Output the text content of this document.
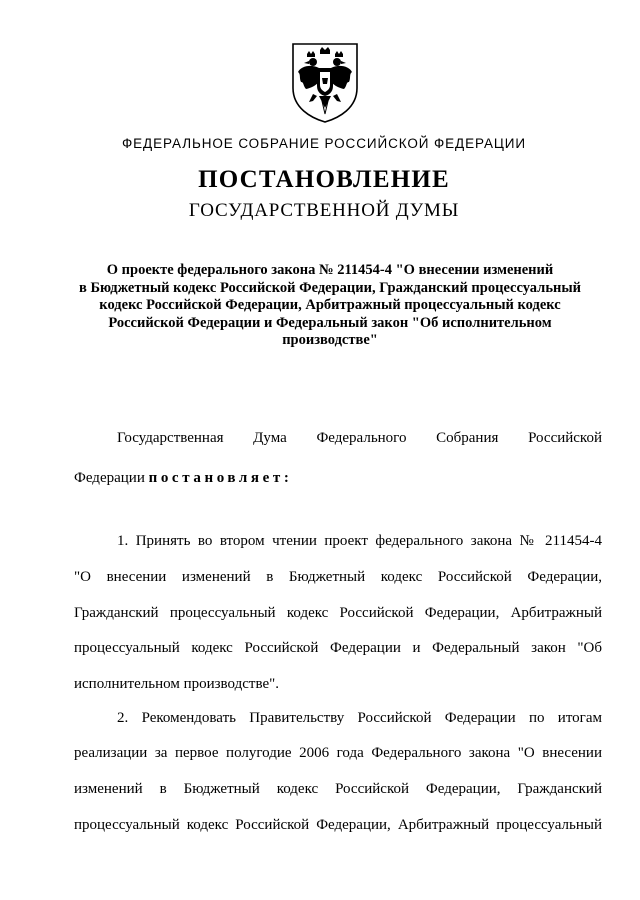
ФЕДЕРАЛЬНОЕ СОБРАНИЕ РОССИЙСКОЙ ФЕДЕРАЦИИ
ПОСТАНОВЛЕНИЕ
ГОСУДАРСТВЕННОЙ ДУМЫ
О проекте федерального закона № 211454-4 "О внесении изменений
в Бюджетный кодекс Российской Федерации, Гражданский процессуальный
кодекс Российской Федерации, Арбитражный процессуальный кодекс
Российской Федерации и Федеральный закон "Об исполнительном
производстве"
Государственная Дума Федерального Собрания Российской
Федерации постановляет:
1. Принять во втором чтении проект федерального закона № 211454-4
"О внесении изменений в Бюджетный кодекс Российской Федерации,
Гражданский процессуальный кодекс Российской Федерации, Арбитражный
процессуальный кодекс Российской Федерации и Федеральный закон "Об
исполнительном производстве".
2. Рекомендовать Правительству Российской Федерации по итогам
реализации за первое полугодие 2006 года Федерального закона "О внесении
изменений в Бюджетный кодекс Российской Федерации, Гражданский
процессуальный кодекс Российской Федерации, Арбитражный процессуальный
